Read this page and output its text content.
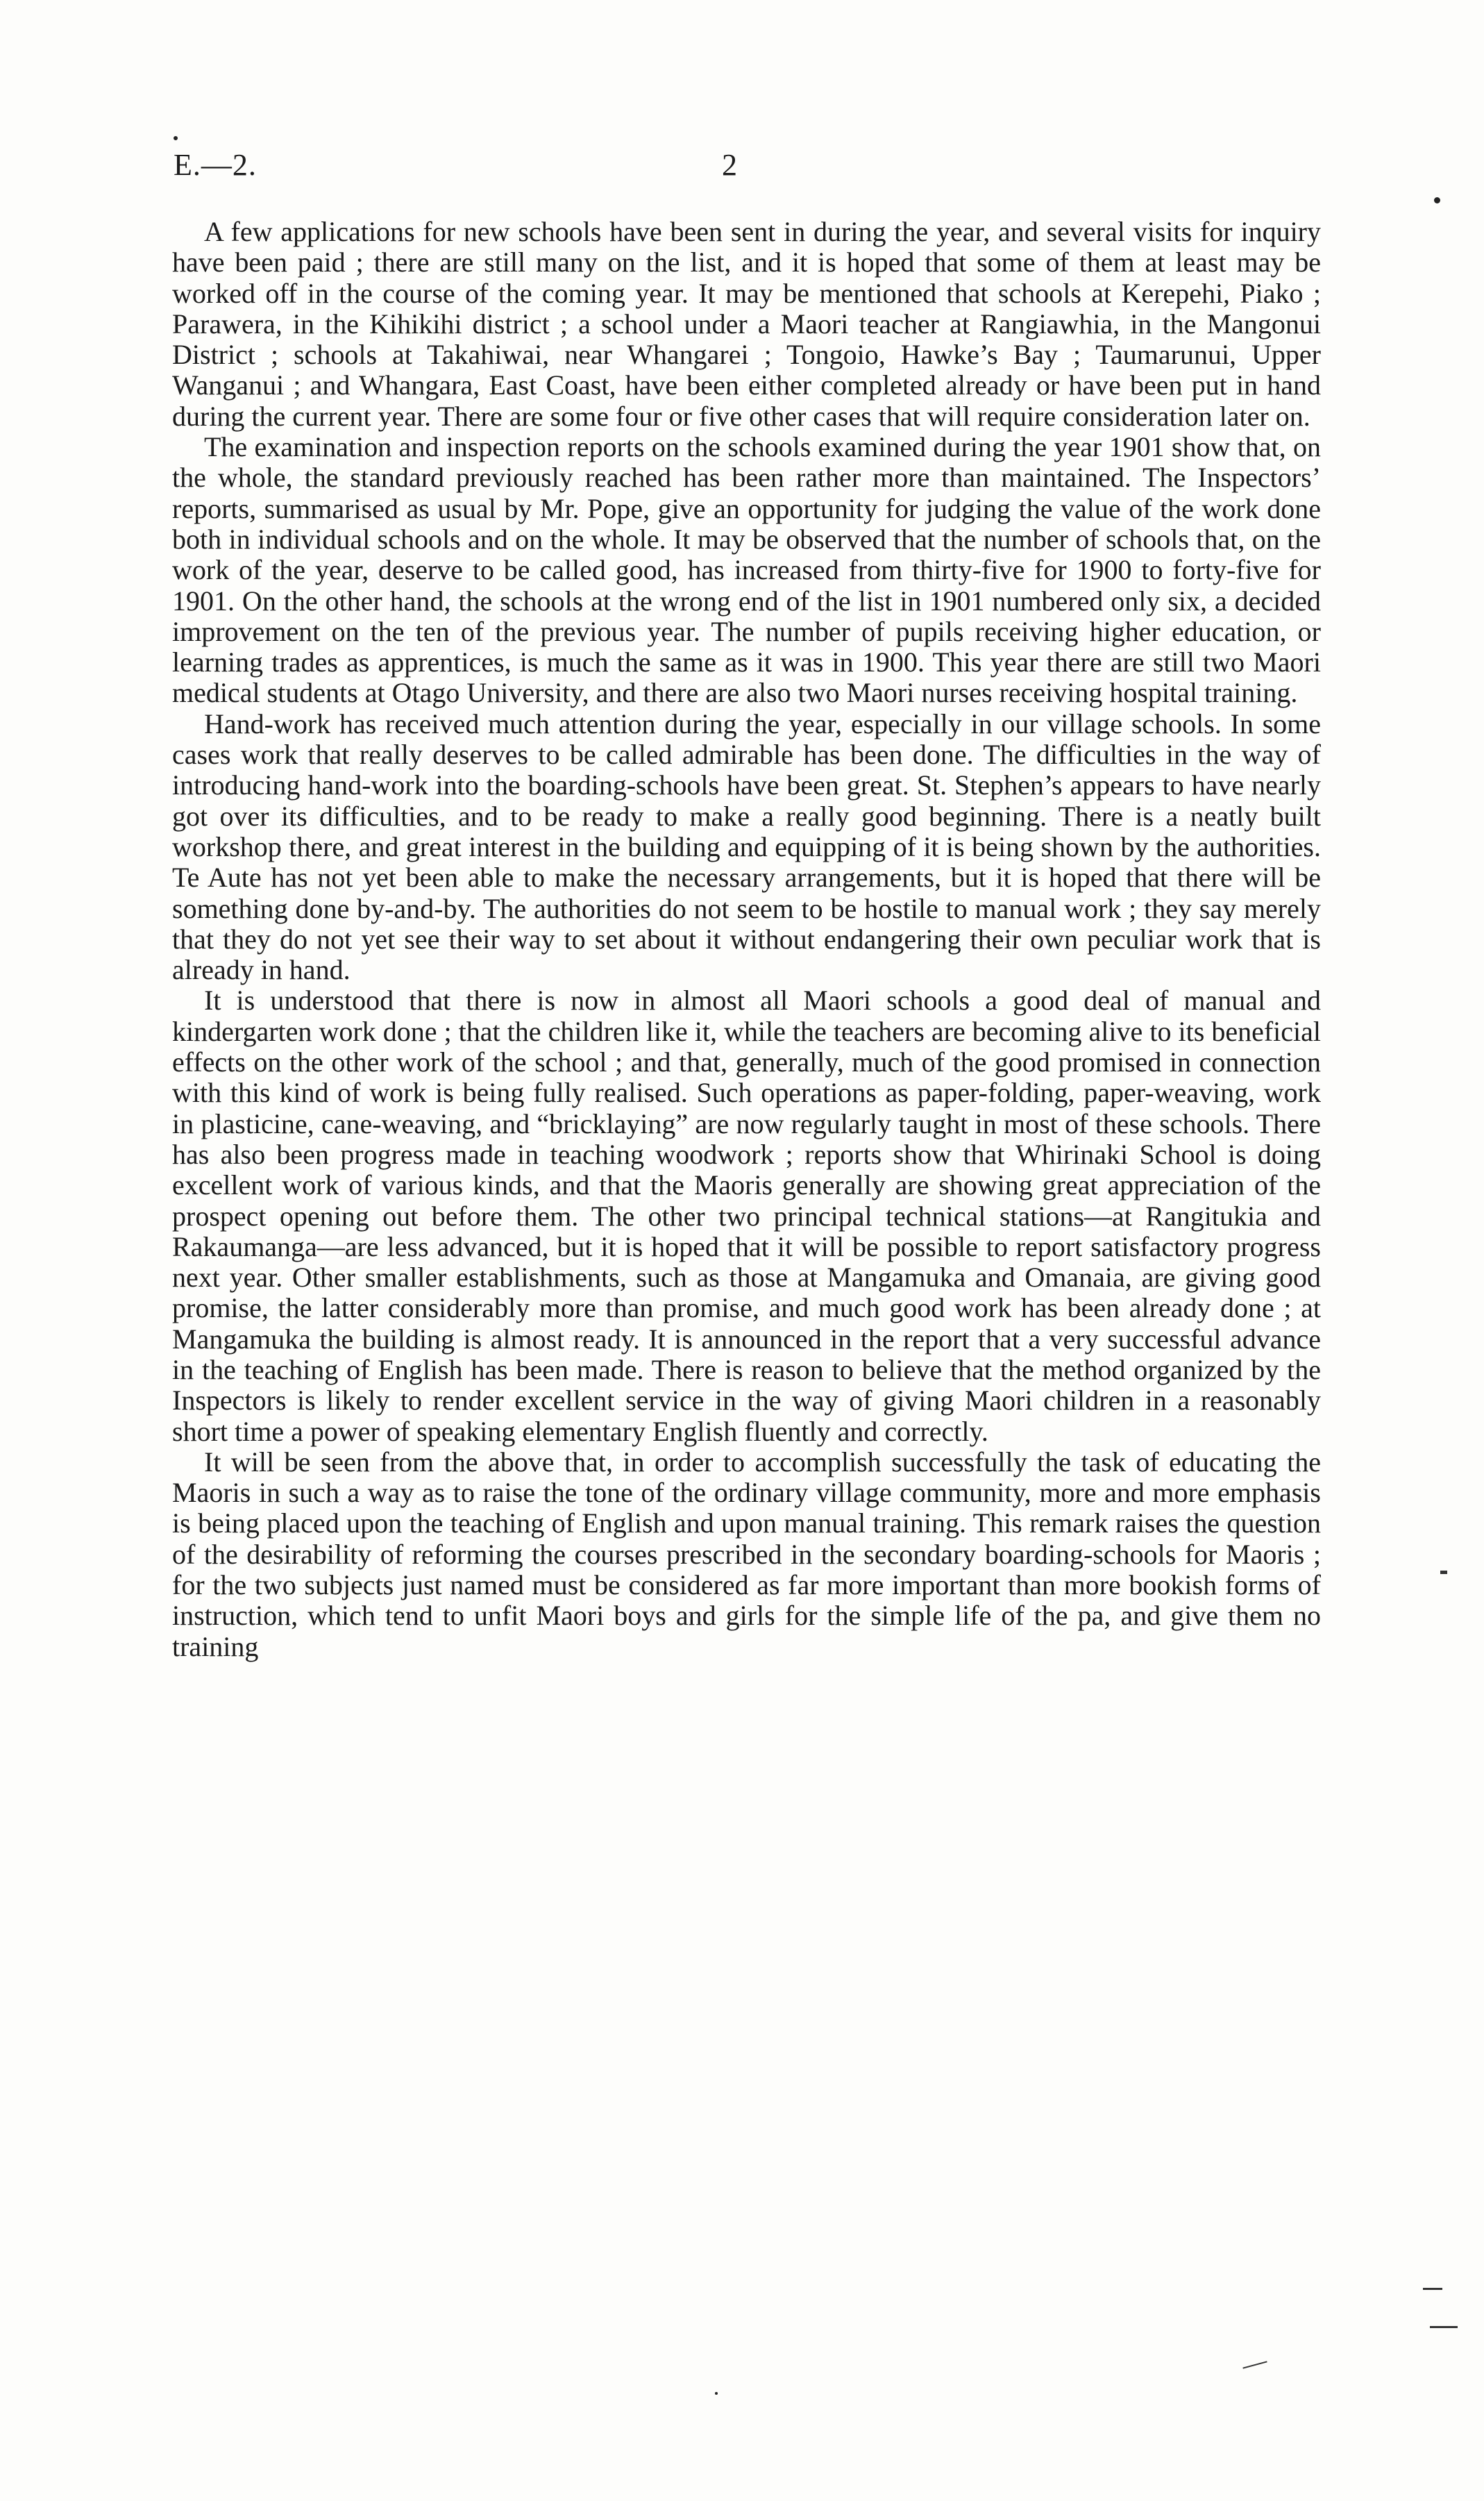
E.—2.	2

A few applications for new schools have been sent in during the year, and several visits for inquiry have been paid ; there are still many on the list, and it is hoped that some of them at least may be worked off in the course of the coming year. It may be mentioned that schools at Kerepehi, Piako ; Parawera, in the Kihikihi district ; a school under a Maori teacher at Rangiawhia, in the Mangonui District ; schools at Takahiwai, near Whangarei ; Tongoio, Hawke’s Bay ; Taumarunui, Upper Wanganui ; and Whangara, East Coast, have been either completed already or have been put in hand during the current year. There are some four or five other cases that will require consideration later on.

The examination and inspection reports on the schools examined during the year 1901 show that, on the whole, the standard previously reached has been rather more than maintained. The Inspectors’ reports, summarised as usual by Mr. Pope, give an opportunity for judging the value of the work done both in individual schools and on the whole. It may be observed that the number of schools that, on the work of the year, deserve to be called good, has increased from thirty-five for 1900 to forty-five for 1901. On the other hand, the schools at the wrong end of the list in 1901 numbered only six, a decided improvement on the ten of the previous year. The number of pupils receiving higher education, or learning trades as apprentices, is much the same as it was in 1900. This year there are still two Maori medical students at Otago University, and there are also two Maori nurses receiving hospital training.

Hand-work has received much attention during the year, especially in our village schools. In some cases work that really deserves to be called admirable has been done. The difficulties in the way of introducing hand-work into the boarding-schools have been great. St. Stephen’s appears to have nearly got over its difficulties, and to be ready to make a really good beginning. There is a neatly built workshop there, and great interest in the building and equipping of it is being shown by the authorities. Te Aute has not yet been able to make the necessary arrangements, but it is hoped that there will be something done by-and-by. The authorities do not seem to be hostile to manual work ; they say merely that they do not yet see their way to set about it without endangering their own peculiar work that is already in hand.

It is understood that there is now in almost all Maori schools a good deal of manual and kindergarten work done ; that the children like it, while the teachers are becoming alive to its beneficial effects on the other work of the school ; and that, generally, much of the good promised in connection with this kind of work is being fully realised. Such operations as paper-folding, paper-weaving, work in plasticine, cane-weaving, and “bricklaying” are now regularly taught in most of these schools. There has also been progress made in teaching woodwork ; reports show that Whirinaki School is doing excellent work of various kinds, and that the Maoris generally are showing great appreciation of the prospect opening out before them. The other two principal technical stations—at Rangitukia and Rakaumanga—are less advanced, but it is hoped that it will be possible to report satisfactory progress next year. Other smaller establishments, such as those at Mangamuka and Omanaia, are giving good promise, the latter considerably more than promise, and much good work has been already done ; at Mangamuka the building is almost ready. It is announced in the report that a very successful advance in the teaching of English has been made. There is reason to believe that the method organized by the Inspectors is likely to render excellent service in the way of giving Maori children in a reasonably short time a power of speaking elementary English fluently and correctly.

It will be seen from the above that, in order to accomplish successfully the task of educating the Maoris in such a way as to raise the tone of the ordinary village community, more and more emphasis is being placed upon the teaching of English and upon manual training. This remark raises the question of the desirability of reforming the courses prescribed in the secondary boarding-schools for Maoris ; for the two subjects just named must be considered as far more important than more bookish forms of instruction, which tend to unfit Maori boys and girls for the simple life of the pa, and give them no training
